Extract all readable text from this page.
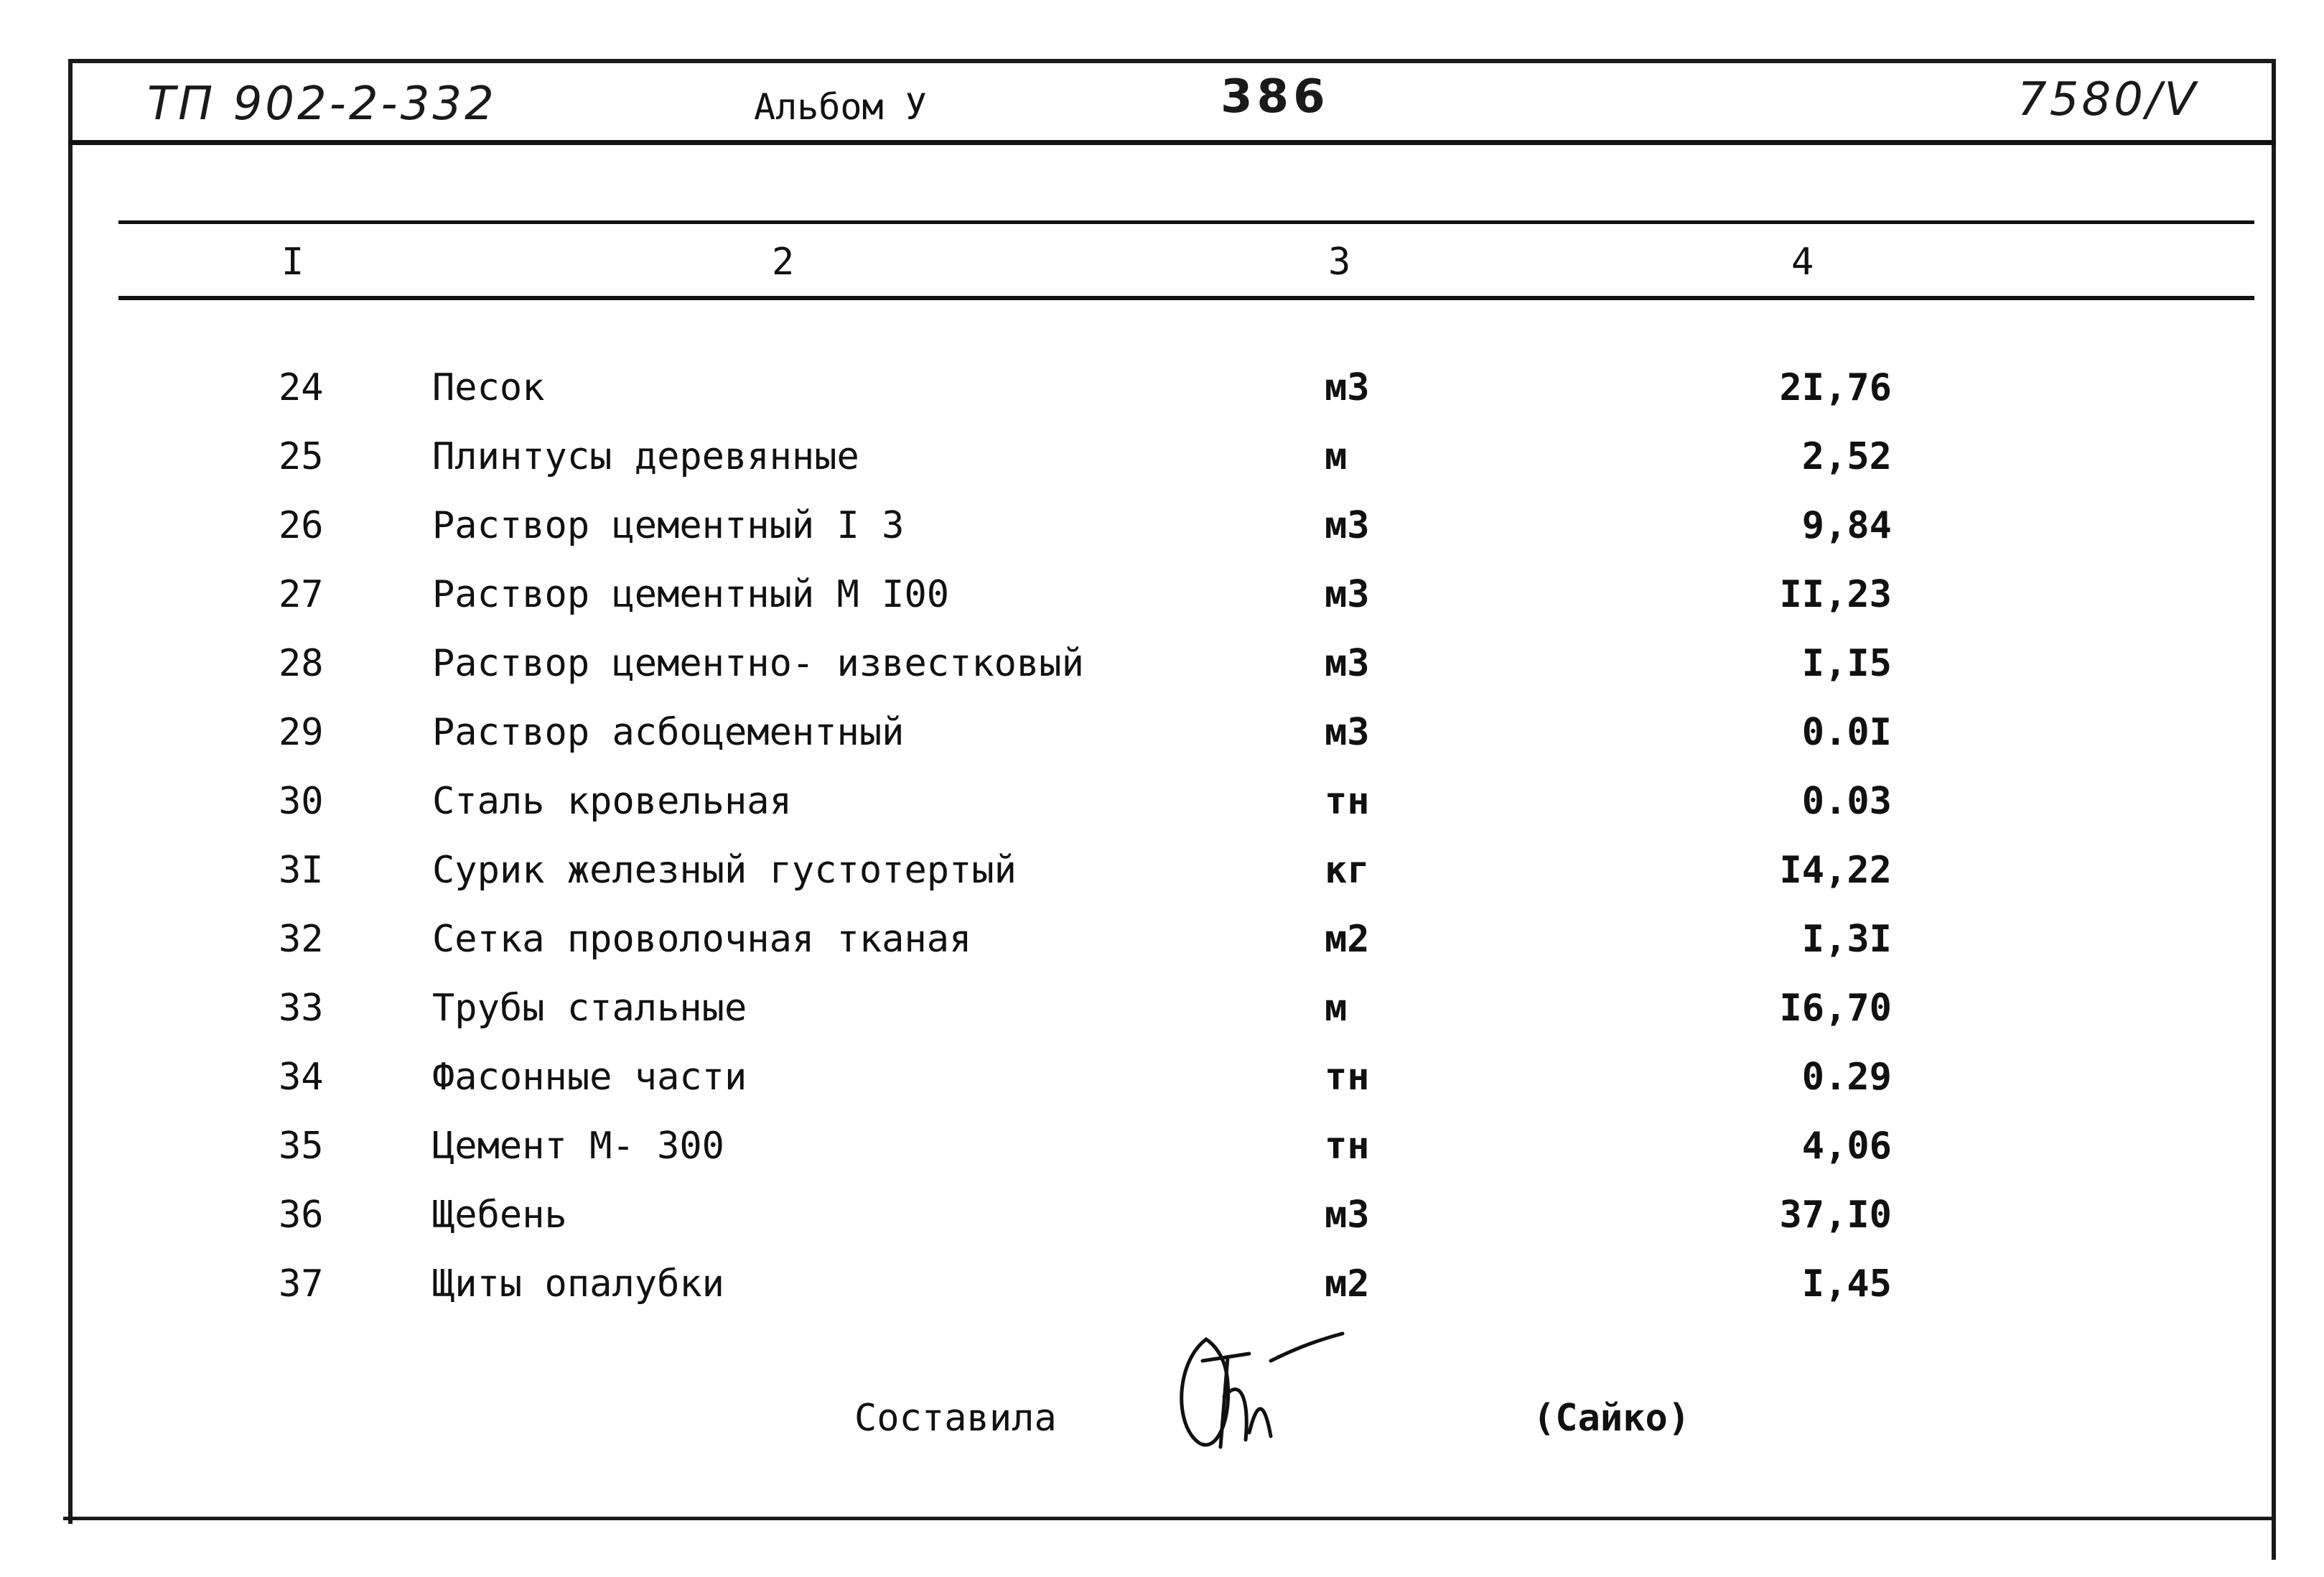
ТП 902-2-332	Альбом У	386	7580/V
I	2	3	4
24	Песок	м3	2I,76
25	Плинтусы деревянные	м	2,52
26	Раствор цементный I 3	м3	9,84
27	Раствор цементный М I00	м3	II,23
28	Раствор цементно- известковый	м3	I,I5
29	Раствор асбоцементный	м3	0.0I
30	Сталь кровельная	тн	0.03
3I	Сурик железный густотертый	кг	I4,22
32	Сетка проволочная тканая	м2	I,3I
33	Трубы стальные	м	I6,70
34	Фасонные части	тн	0.29
35	Цемент М- 300	тн	4,06
36	Щебень	м3	37,I0
37	Щиты опалубки	м2	I,45
Составила	(Сайко)
